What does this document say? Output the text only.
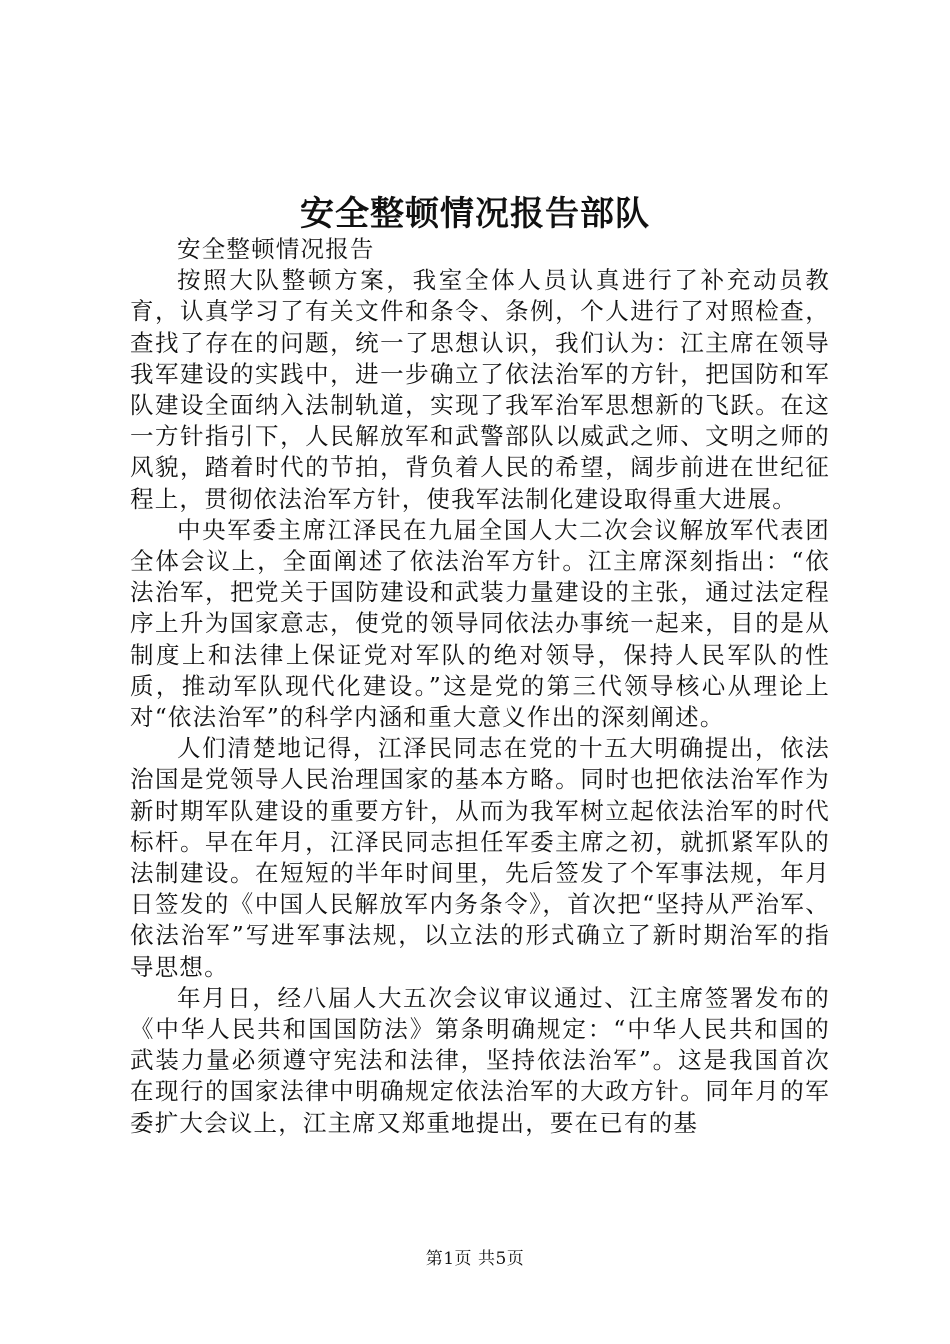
安全整顿情况报告部队

安全整顿情况报告

按照大队整顿方案，我室全体人员认真进行了补充动员教育，认真学习了有关文件和条令、条例，个人进行了对照检查，查找了存在的问题，统一了思想认识，我们认为：江主席在领导我军建设的实践中，进一步确立了依法治军的方针，把国防和军队建设全面纳入法制轨道，实现了我军治军思想新的飞跃。在这一方针指引下，人民解放军和武警部队以威武之师、文明之师的风貌，踏着时代的节拍，背负着人民的希望，阔步前进在世纪征程上，贯彻依法治军方针，使我军法制化建设取得重大进展。

中央军委主席江泽民在九届全国人大二次会议解放军代表团全体会议上，全面阐述了依法治军方针。江主席深刻指出：“依法治军，把党关于国防建设和武装力量建设的主张，通过法定程序上升为国家意志，使党的领导同依法办事统一起来，目的是从制度上和法律上保证党对军队的绝对领导，保持人民军队的性质，推动军队现代化建设。”这是党的第三代领导核心从理论上对“依法治军”的科学内涵和重大意义作出的深刻阐述。

人们清楚地记得，江泽民同志在党的十五大明确提出，依法治国是党领导人民治理国家的基本方略。同时也把依法治军作为新时期军队建设的重要方针，从而为我军树立起依法治军的时代标杆。早在年月，江泽民同志担任军委主席之初，就抓紧军队的法制建设。在短短的半年时间里，先后签发了个军事法规，年月日签发的《中国人民解放军内务条令》，首次把“坚持从严治军、依法治军”写进军事法规，以立法的形式确立了新时期治军的指导思想。

年月日，经八届人大五次会议审议通过、江主席签署发布的《中华人民共和国国防法》第条明确规定：“中华人民共和国的武装力量必须遵守宪法和法律，坚持依法治军”。这是我国首次在现行的国家法律中明确规定依法治军的大政方针。同年月的军委扩大会议上，江主席又郑重地提出，要在已有的基

第1页 共5页
